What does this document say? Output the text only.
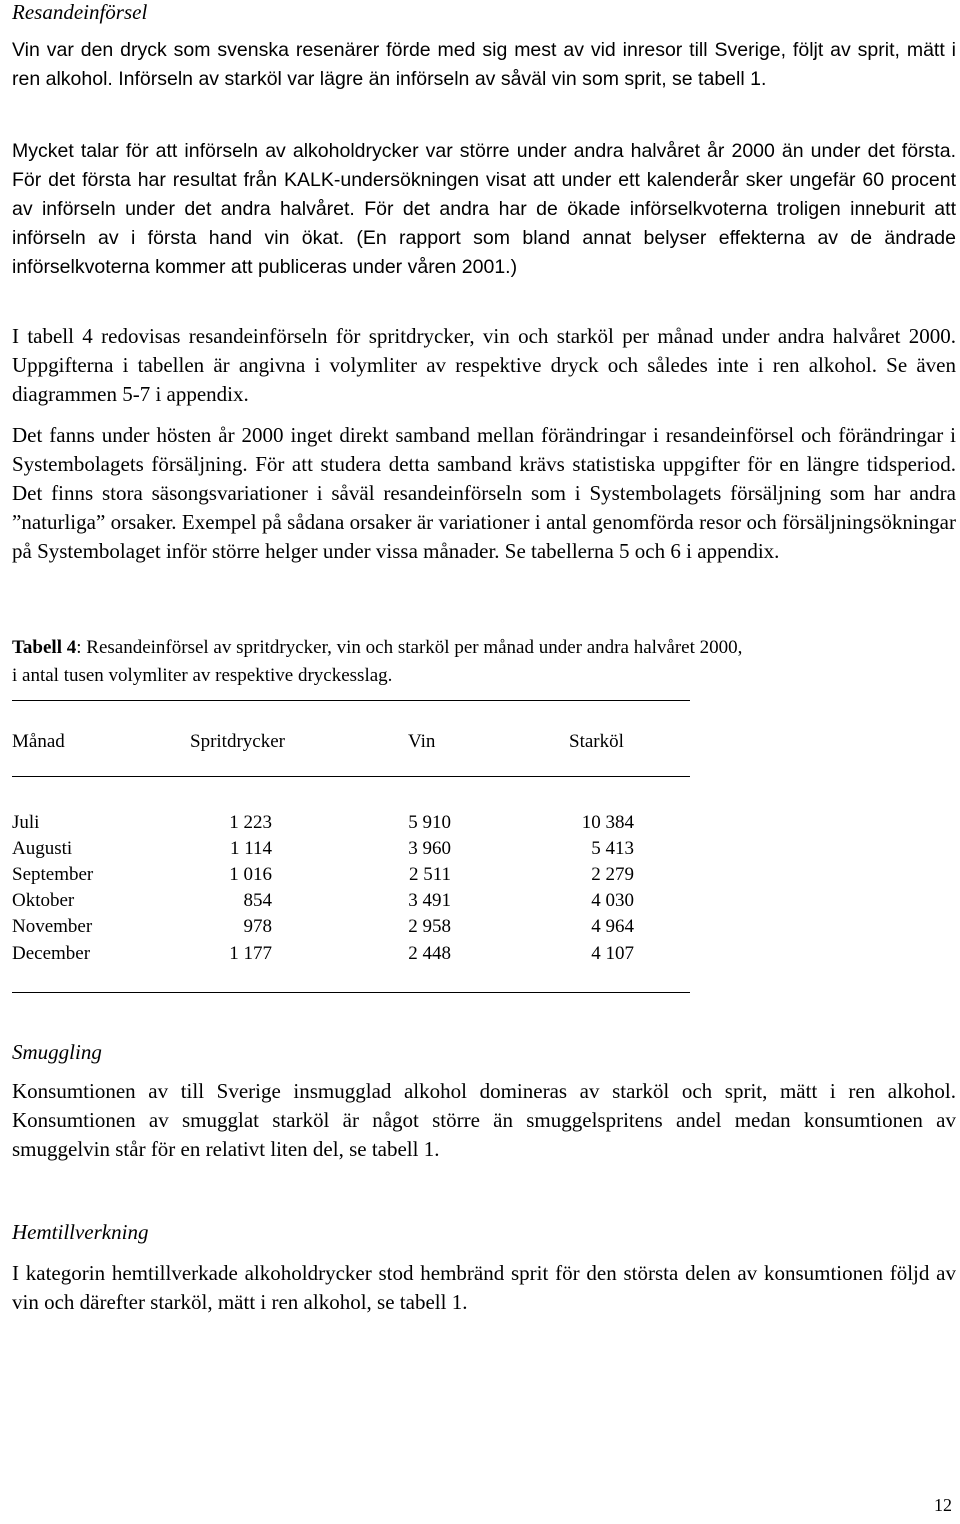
Resandeinförsel

Vin var den dryck som svenska resenärer förde med sig mest av vid inresor till Sverige, följt av sprit, mätt i ren alkohol. Införseln av starköl var lägre än införseln av såväl vin som sprit, se tabell 1.

Mycket talar för att införseln av alkoholdrycker var större under andra halvåret år 2000 än under det första. För det första har resultat från KALK-undersökningen visat att under ett kalenderår sker ungefär 60 procent av införseln under det andra halvåret. För det andra har de ökade införselkvoterna troligen inneburit att införseln av i första hand vin ökat. (En rapport som bland annat belyser effekterna av de ändrade införselkvoterna kommer att publiceras under våren 2001.)

I tabell 4 redovisas resandeinförseln för spritdrycker, vin och starköl per månad under andra halvåret 2000. Uppgifterna i tabellen är angivna i volymliter av respektive dryck och således inte i ren alkohol. Se även diagrammen 5-7 i appendix.

Det fanns under hösten år 2000 inget direkt samband mellan förändringar i resandeinförsel och förändringar i Systembolagets försäljning. För att studera detta samband krävs statistiska uppgifter för en längre tidsperiod. Det finns stora säsongsvariationer i såväl resandeinförseln som i Systembolagets försäljning som har andra ”naturliga” orsaker. Exempel på sådana orsaker är variationer i antal genomförda resor och försäljningsökningar på Systembolaget inför större helger under vissa månader. Se tabellerna 5 och 6 i appendix.

Tabell 4: Resandeinförsel av spritdrycker, vin och starköl per månad under andra halvåret 2000,
i antal tusen volymliter av respektive dryckesslag.
Månad	Spritdrycker	Vin	Starköl
Juli	1 223	5 910	10 384
Augusti	1 114	3 960	5 413
September	1 016	2 511	2 279
Oktober	854	3 491	4 030
November	978	2 958	4 964
December	1 177	2 448	4 107
Smuggling

Konsumtionen av till Sverige insmugglad alkohol domineras av starköl och sprit, mätt i ren alkohol. Konsumtionen av smugglat starköl är något större än smuggelspritens andel medan konsumtionen av smuggelvin står för en relativt liten del, se tabell 1.

Hemtillverkning

I kategorin hemtillverkade alkoholdrycker stod hembränd sprit för den största delen av konsumtionen följd av vin och därefter starköl, mätt i ren alkohol, se tabell 1.

12
